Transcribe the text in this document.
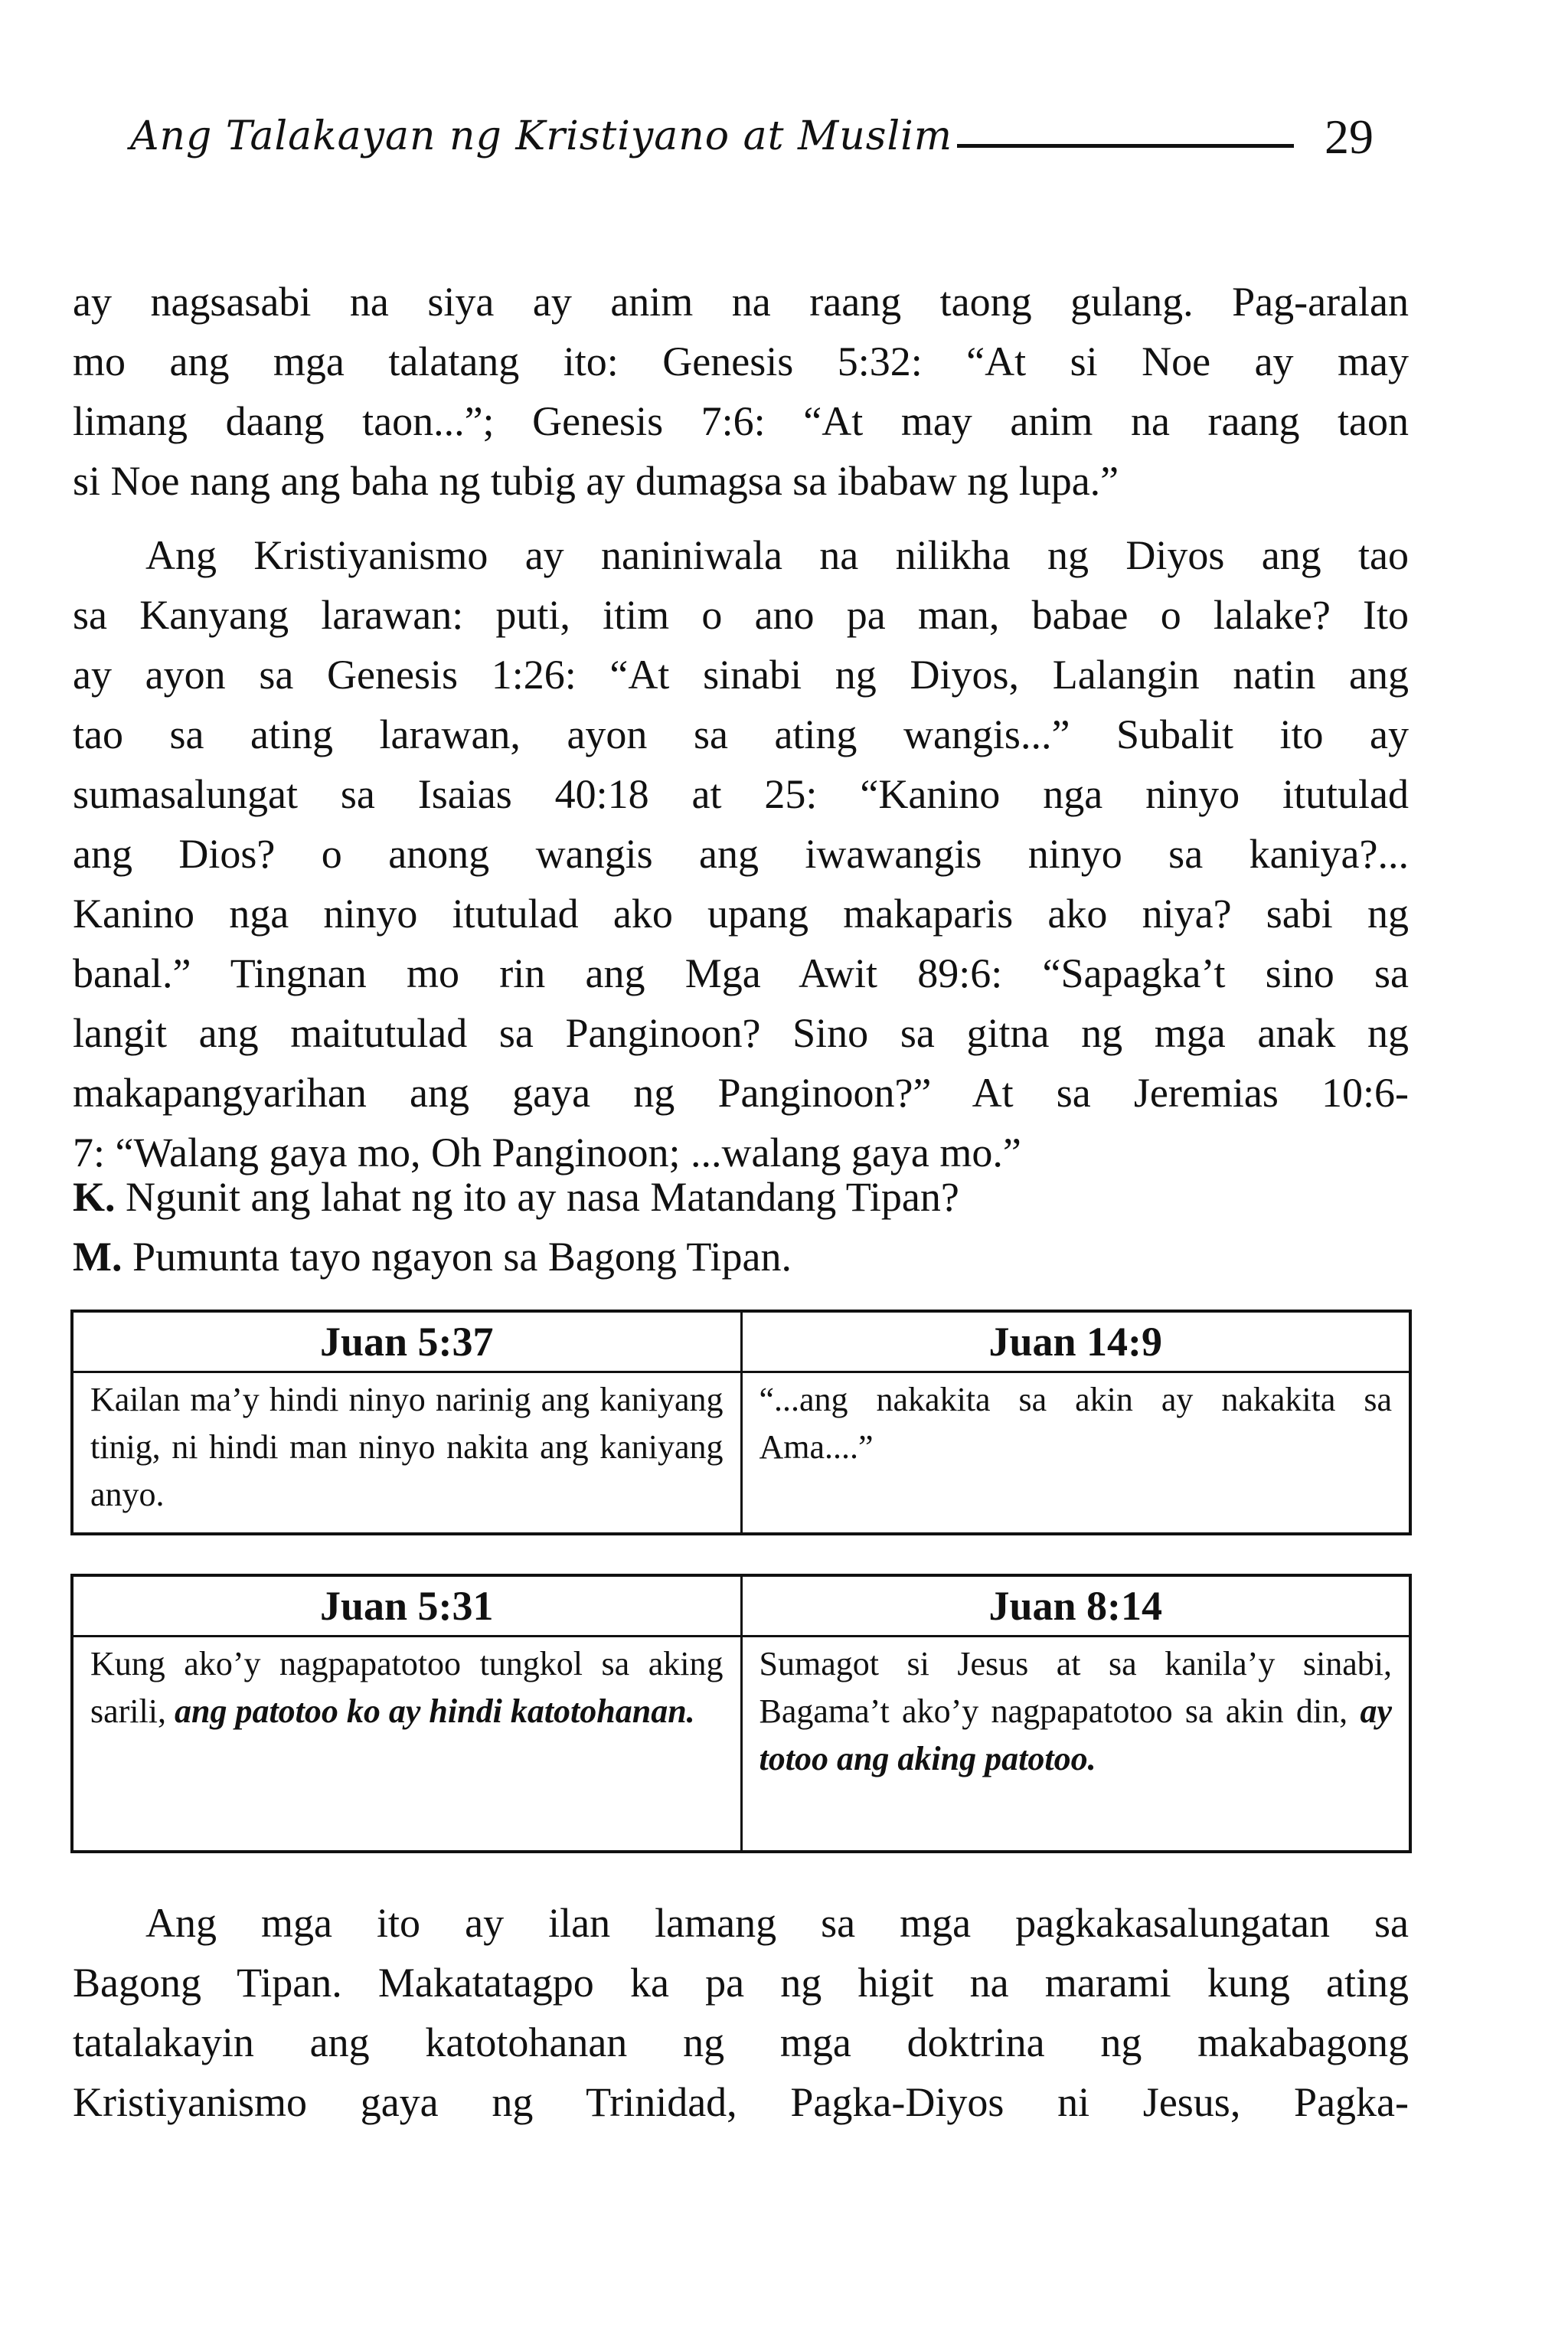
Ang Talakayan ng Kristiyano at Muslim	29
ay nagsasabi na siya ay anim na raang taong gulang. Pag-aralan
mo ang mga talatang ito: Genesis 5:32: “At si Noe ay may
limang daang taon...”; Genesis 7:6: “At may anim na raang taon
si Noe nang ang baha ng tubig ay dumagsa sa ibabaw ng lupa.”
Ang Kristiyanismo ay naniniwala na nilikha ng Diyos ang tao
sa Kanyang larawan: puti, itim o ano pa man, babae o lalake? Ito
ay ayon sa Genesis 1:26: “At sinabi ng Diyos, Lalangin natin ang
tao sa ating larawan, ayon sa ating wangis...” Subalit ito ay
sumasalungat sa Isaias 40:18 at 25: “Kanino nga ninyo itutulad
ang Dios? o anong wangis ang iwawangis ninyo sa kaniya?...
Kanino nga ninyo itutulad ako upang makaparis ako niya? sabi ng
banal.” Tingnan mo rin ang Mga Awit 89:6: “Sapagka’t sino sa
langit ang maitutulad sa Panginoon? Sino sa gitna ng mga anak ng
makapangyarihan ang gaya ng Panginoon?” At sa Jeremias 10:6-
7: “Walang gaya mo, Oh Panginoon; ...walang gaya mo.”
K. Ngunit ang lahat ng ito ay nasa Matandang Tipan?
M. Pumunta tayo ngayon sa Bagong Tipan.
Juan 5:37	Juan 14:9
Kailan ma’y hindi ninyo narinig ang kaniyang tinig, ni hindi man ninyo nakita ang kaniyang anyo.	“...ang nakakita sa akin ay nakakita sa Ama....”
Juan 5:31	Juan 8:14
Kung ako’y nagpapatotoo tungkol sa aking sarili, ang patotoo ko ay hindi katotohanan.	Sumagot si Jesus at sa kanila’y sinabi, Bagama’t ako’y nagpapatotoo sa akin din, ay totoo ang aking patotoo.
Ang mga ito ay ilan lamang sa mga pagkakasalungatan sa
Bagong Tipan. Makatatagpo ka pa ng higit na marami kung ating
tatalakayin ang katotohanan ng mga doktrina ng makabagong
Kristiyanismo gaya ng Trinidad, Pagka-Diyos ni Jesus, Pagka-
